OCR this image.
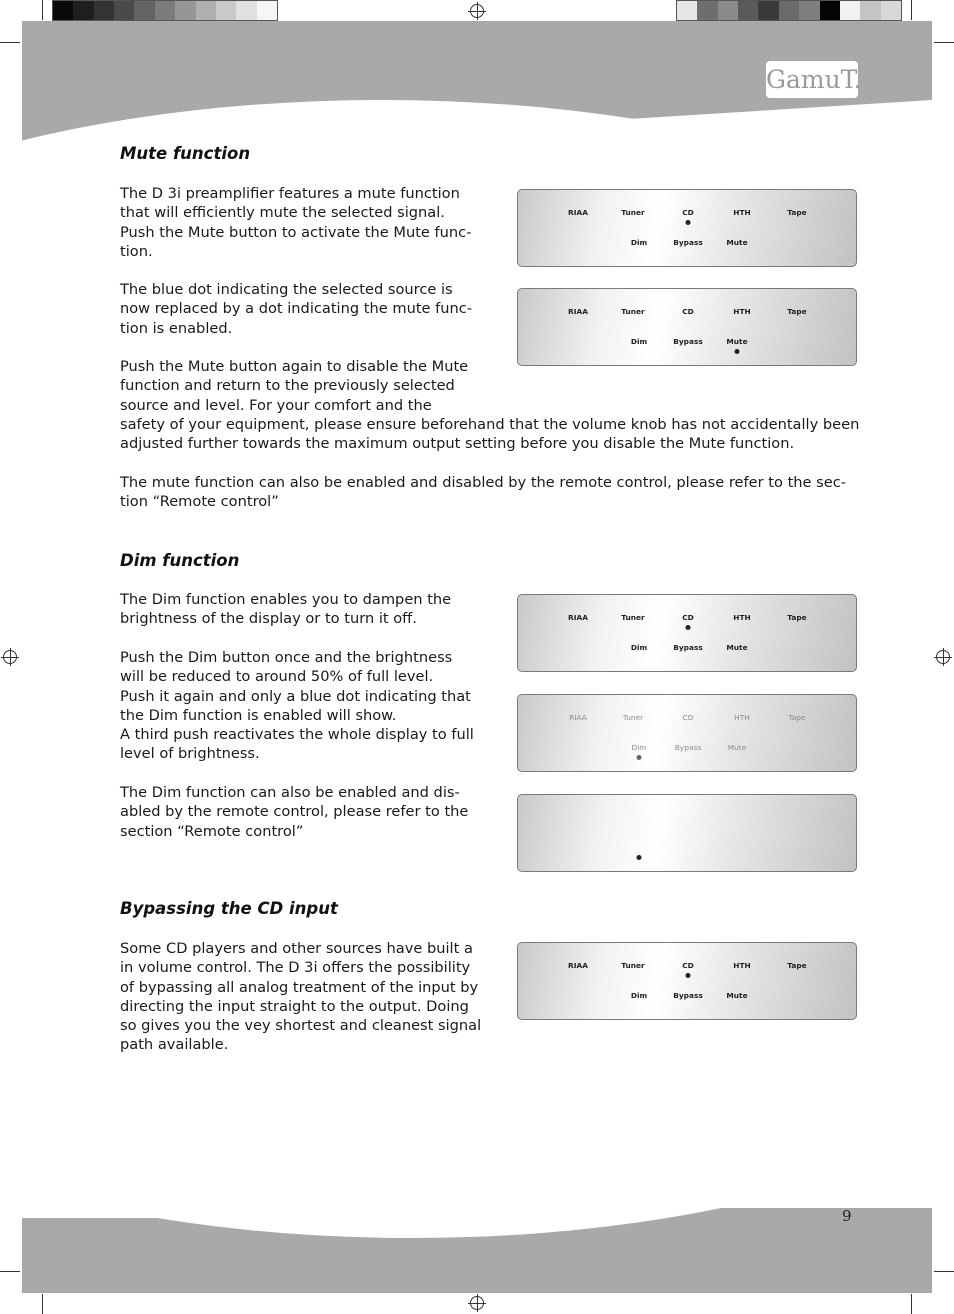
GamuT.
9
Mute function
The D 3i preamplifier features a mute function
that will efficiently mute the selected signal.
Push the Mute button to activate the Mute func-
tion.
The blue dot indicating the selected source is
now replaced by a dot indicating the mute func-
tion is enabled.
Push the Mute button again to disable the Mute
function and return to the previously selected
source and level. For your comfort and the
safety of your equipment, please ensure beforehand that the volume knob has not accidentally been
adjusted further towards the maximum output setting before you disable the Mute function.
The mute function can also be enabled and disabled by the remote control, please refer to the sec-
tion “Remote control”
Dim function
The Dim function enables you to dampen the
brightness of the display or to turn it off.
Push the Dim button once and the brightness
will be reduced to around 50% of full level.
Push it again and only a blue dot indicating that
the Dim function is enabled will show.
A third push reactivates the whole display to full
level of brightness.
The Dim function can also be enabled and dis-
abled by the remote control, please refer to the
section “Remote control”
Bypassing the CD input
Some CD players and other sources have built a
in volume control. The D 3i offers the possibility
of bypassing all analog treatment of the input by
directing the input straight to the output. Doing
so gives you the vey shortest and cleanest signal
path available.
RIAA	Tuner	CD	HTH	Tape
Dim	Bypass	Mute
RIAA	Tuner	CD	HTH	Tape
Dim	Bypass	Mute
RIAA	Tuner	CD	HTH	Tape
Dim	Bypass	Mute
RIAA	Tuner	CD	HTH	Tape
Dim	Bypass	Mute
RIAA	Tuner	CD	HTH	Tape
Dim	Bypass	Mute
